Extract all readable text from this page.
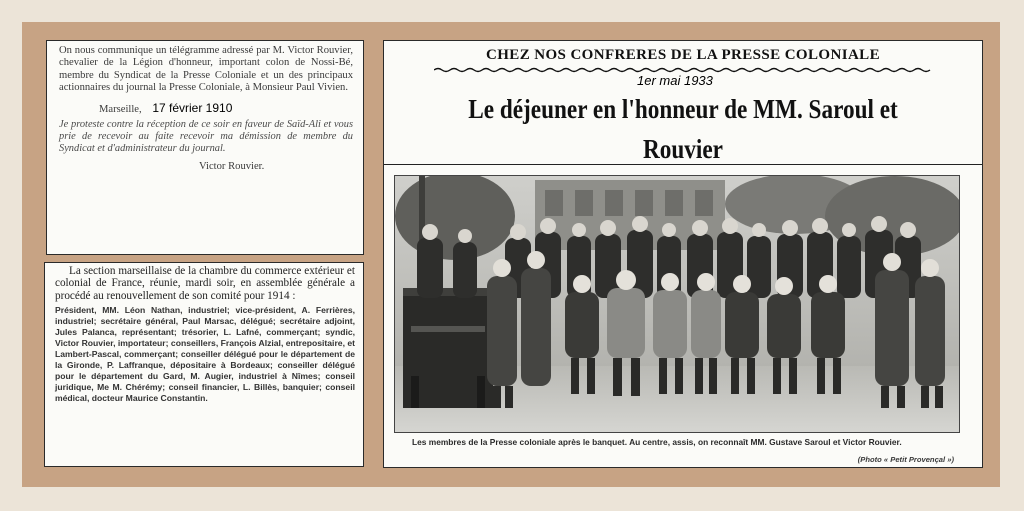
On nous communique un télégramme adressé par M. Victor Rouvier, chevalier de la Légion d'honneur, important colon de Nossi-Bé, membre du Syndicat de la Presse Coloniale et un des principaux actionnaires du journal la Presse Coloniale, à Monsieur Paul Vivien.

Marseille, 17 février 1910

Je proteste contre la réception de ce soir en faveur de Saïd-Ali et vous prie de recevoir au faite recevoir ma démission de membre du Syndicat et d'administrateur du journal.

Victor Rouvier.

La section marseillaise de la chambre du commerce extérieur et colonial de France, réunie, mardi soir, en assemblée générale a procédé au renouvellement de son comité pour 1914 :

Président, MM. Léon Nathan, industriel; vice-président, A. Ferrières, industriel; secrétaire général, Paul Marsac, délégué; secrétaire adjoint, Jules Palanca, représentant; trésorier, L. Lafné, commerçant; syndic, Victor Rouvier, importateur; conseillers, François Alzial, entrepositaire, et Lambert-Pascal, commerçant; conseiller délégué pour le département de la Gironde, P. Laffranque, dépositaire à Bordeaux; conseiller délégué pour le département du Gard, M. Augier, industriel à Nîmes; conseil juridique, Me M. Chérémy; conseil financier, L. Billès, banquier; conseil médical, docteur Maurice Constantin.

CHEZ NOS CONFRERES DE LA PRESSE COLONIALE
1er mai 1933
Le déjeuner en l'honneur de MM. Saroul et Rouvier
Les membres de la Presse coloniale après le banquet. Au centre, assis, on reconnaît MM. Gustave Saroul et Victor Rouvier.
(Photo « Petit Provençal »)
